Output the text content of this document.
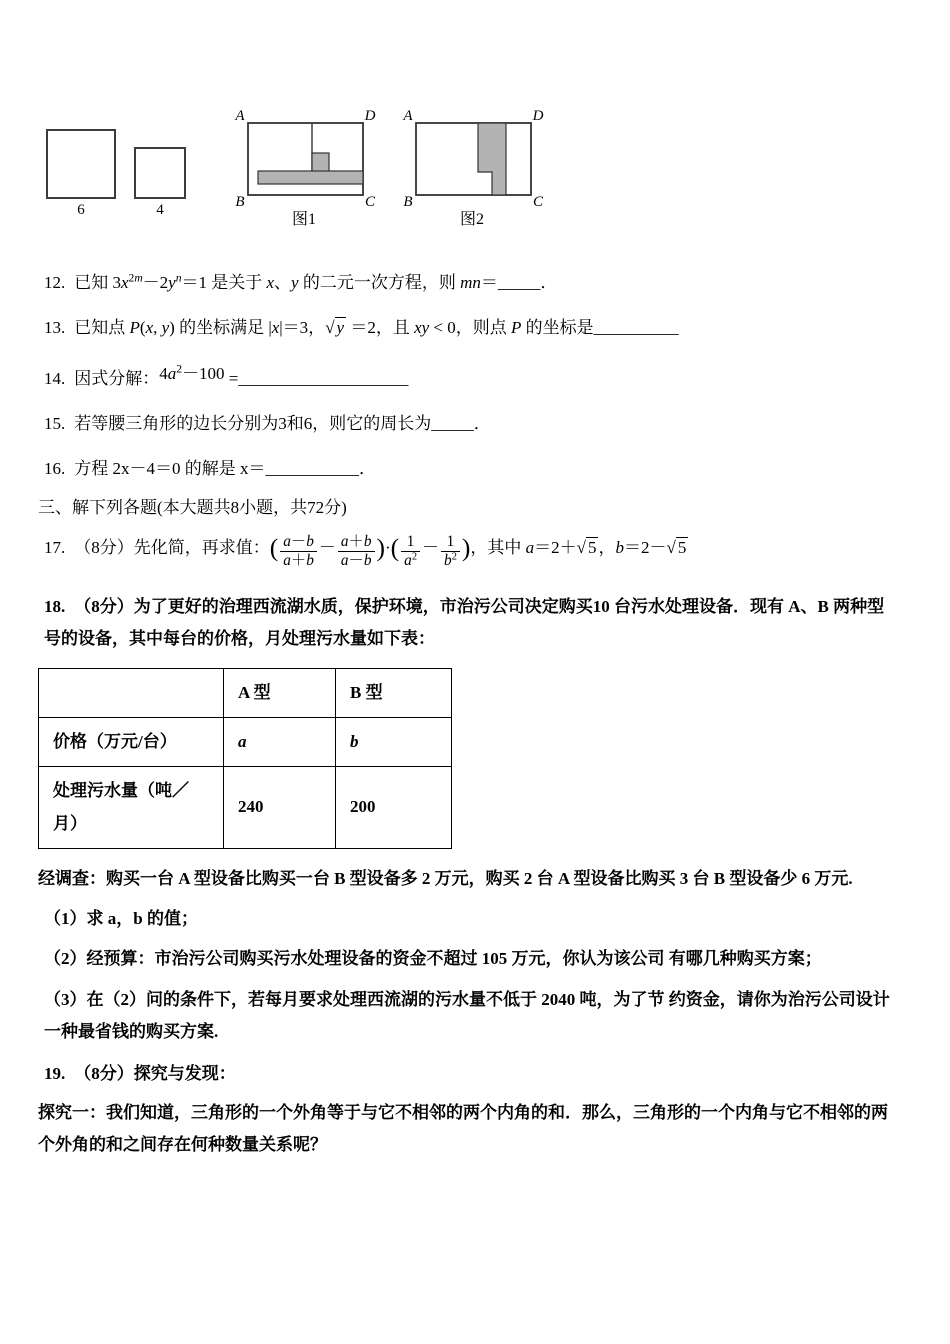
6	4
A	D
B	C
图1
A	D
B	C
图2

12. 已知 $3x^{2m}-2y^n=1$ 是关于 x、y 的二元一次方程，则 mn＝_____．

13. 已知点 P(x, y) 的坐标满足 |x|＝3，√ y ＝2，且 xy < 0，则点 P 的坐标是__________

14. 因式分解：$4a^2-100$ =____________________

15. 若等腰三角形的边长分别为3和6，则它的周长为_____．

16. 方程 2x－4＝0 的解是 x＝___________．

三、解下列各题(本大题共8小题，共72分)

17. （8分）先化简，再求值：( $\frac{a-b}{a+b} - \frac{a+b}{a-b}$ )·( $\frac{1}{a^2} - \frac{1}{b^2}$ )，其中 a＝2＋√ 5 ，b＝2－√ 5

18. （8分）为了更好的治理西流湖水质，保护环境，市治污公司决定购买10 台污水处理设备．现有 A、B 两种型号的设备，其中每台的价格，月处理污水量如下表：

	A 型	B 型
价格（万元/台）	a	b
处理污水量（吨／月）	240	200

经调查：购买一台 A 型设备比购买一台 B 型设备多 2 万元，购买 2 台 A 型设备比购买 3 台 B 型设备少 6 万元.

（1）求 a，b 的值；

（2）经预算：市治污公司购买污水处理设备的资金不超过 105 万元，你认为该公司 有哪几种购买方案；

（3）在（2）问的条件下，若每月要求处理西流湖的污水量不低于 2040 吨，为了节 约资金，请你为治污公司设计一种最省钱的购买方案.

19. （8分）探究与发现：

探究一：我们知道，三角形的一个外角等于与它不相邻的两个内角的和．那么，三角形的一个内角与它不相邻的两个外角的和之间存在何种数量关系呢？
